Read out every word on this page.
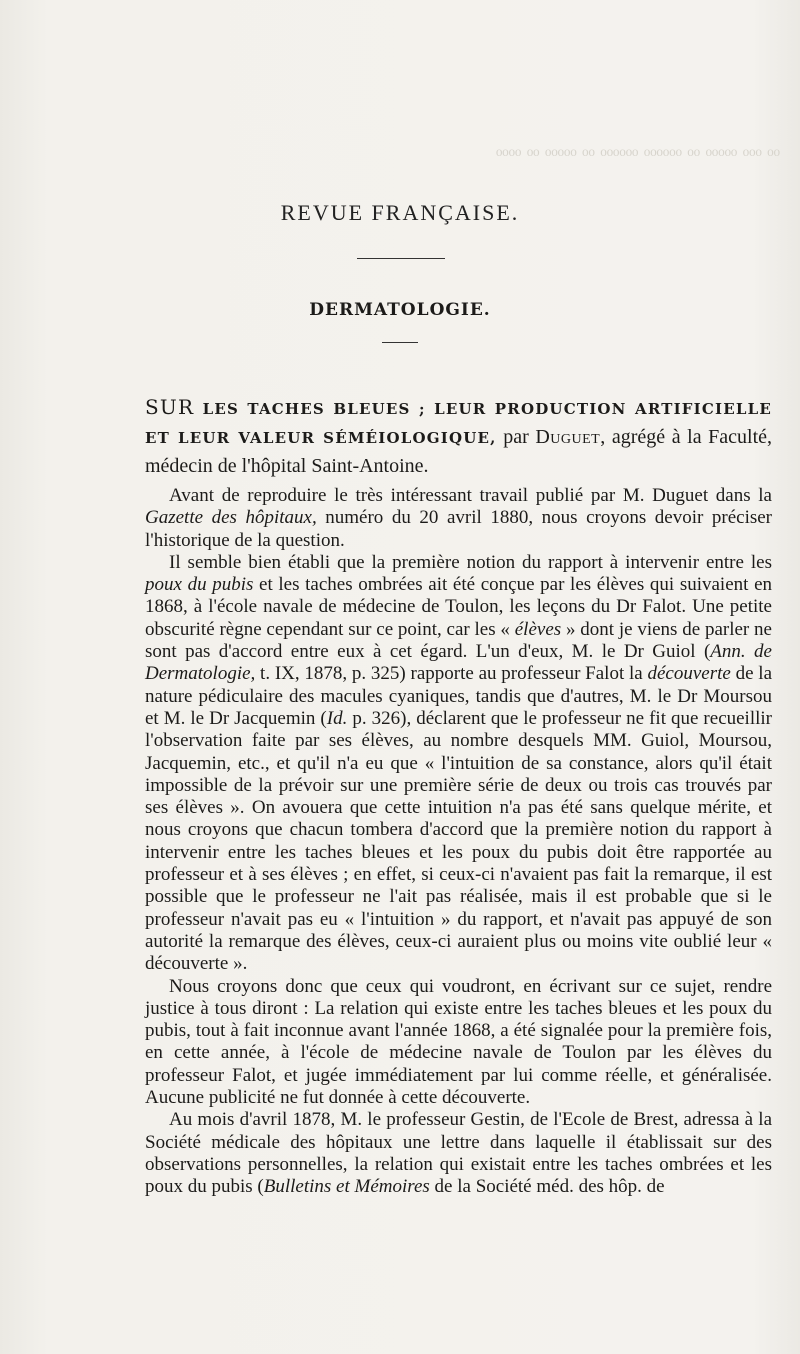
ᵒᵒ ᵒᵒᵒ ᵒᵒᵒᵒᵒ ᵒᵒ ᵒᵒᵒᵒᵒᵒ ᵒᵒᵒᵒᵒᵒ ᵒᵒ ᵒᵒᵒᵒᵒ ᵒᵒ ᵒᵒᵒᵒ
REVUE FRANÇAISE.
DERMATOLOGIE.
SUR LES TACHES BLEUES ; LEUR PRODUCTION ARTIFICIELLE ET LEUR VALEUR SÉMÉIOLOGIQUE, par Duguet, agrégé à la Faculté, médecin de l'hôpital Saint-Antoine.

Avant de reproduire le très intéressant travail publié par M. Duguet dans la Gazette des hôpitaux, numéro du 20 avril 1880, nous croyons devoir préciser l'historique de la question.

Il semble bien établi que la première notion du rapport à intervenir entre les poux du pubis et les taches ombrées ait été conçue par les élèves qui suivaient en 1868, à l'école navale de médecine de Toulon, les leçons du Dr Falot. Une petite obscurité règne cependant sur ce point, car les « élèves » dont je viens de parler ne sont pas d'accord entre eux à cet égard. L'un d'eux, M. le Dr Guiol (Ann. de Dermatologie, t. IX, 1878, p. 325) rapporte au professeur Falot la découverte de la nature pédiculaire des macules cyaniques, tandis que d'autres, M. le Dr Moursou et M. le Dr Jacquemin (Id. p. 326), déclarent que le professeur ne fit que recueillir l'observation faite par ses élèves, au nombre desquels MM. Guiol, Moursou, Jacquemin, etc., et qu'il n'a eu que « l'intuition de sa constance, alors qu'il était impossible de la prévoir sur une première série de deux ou trois cas trouvés par ses élèves ». On avouera que cette intuition n'a pas été sans quelque mérite, et nous croyons que chacun tombera d'accord que la première notion du rapport à intervenir entre les taches bleues et les poux du pubis doit être rapportée au professeur et à ses élèves ; en effet, si ceux-ci n'avaient pas fait la remarque, il est possible que le professeur ne l'ait pas réalisée, mais il est probable que si le professeur n'avait pas eu « l'intuition » du rapport, et n'avait pas appuyé de son autorité la remarque des élèves, ceux-ci auraient plus ou moins vite oublié leur « découverte ».

Nous croyons donc que ceux qui voudront, en écrivant sur ce sujet, rendre justice à tous diront : La relation qui existe entre les taches bleues et les poux du pubis, tout à fait inconnue avant l'année 1868, a été signalée pour la première fois, en cette année, à l'école de médecine navale de Toulon par les élèves du professeur Falot, et jugée immédiatement par lui comme réelle, et généralisée. Aucune publicité ne fut donnée à cette découverte.

Au mois d'avril 1878, M. le professeur Gestin, de l'Ecole de Brest, adressa à la Société médicale des hôpitaux une lettre dans laquelle il établissait sur des observations personnelles, la relation qui existait entre les taches ombrées et les poux du pubis (Bulletins et Mémoires de la Société méd. des hôp. de
